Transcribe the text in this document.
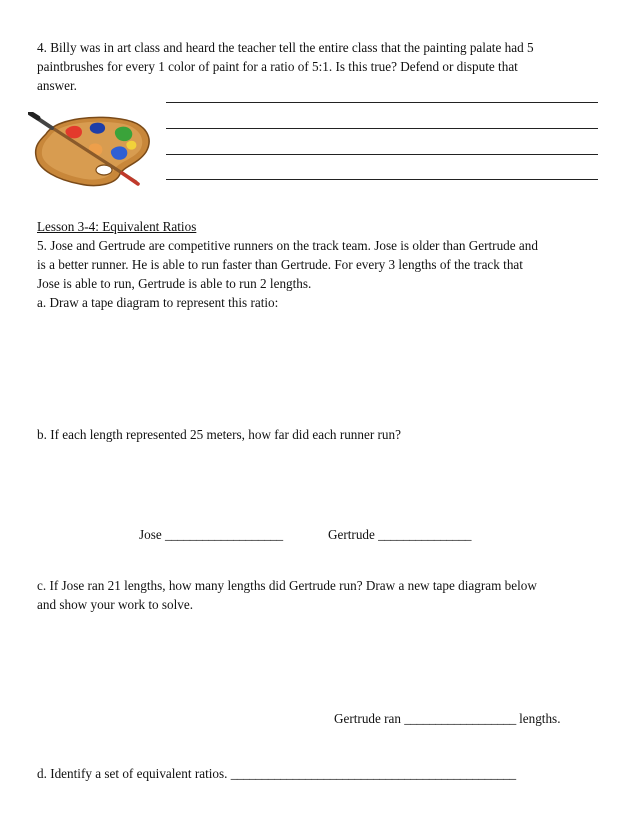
4. Billy was in art class and heard the teacher tell the entire class that the painting palate had 5
paintbrushes for every 1 color of paint for a ratio of 5:1. Is this true? Defend or dispute that
answer.
Lesson 3-4: Equivalent Ratios
5. Jose and Gertrude are competitive runners on the track team. Jose is older than Gertrude and
is a better runner. He is able to run faster than Gertrude. For every 3 lengths of the track that
Jose is able to run, Gertrude is able to run 2 lengths.
a. Draw a tape diagram to represent this ratio:
b. If each length represented 25 meters, how far did each runner run?
Jose ___________________	Gertrude _______________
c. If Jose ran 21 lengths, how many lengths did Gertrude run? Draw a new tape diagram below
and show your work to solve.
Gertrude ran __________________ lengths.
d. Identify a set of equivalent ratios. ______________________________________________
